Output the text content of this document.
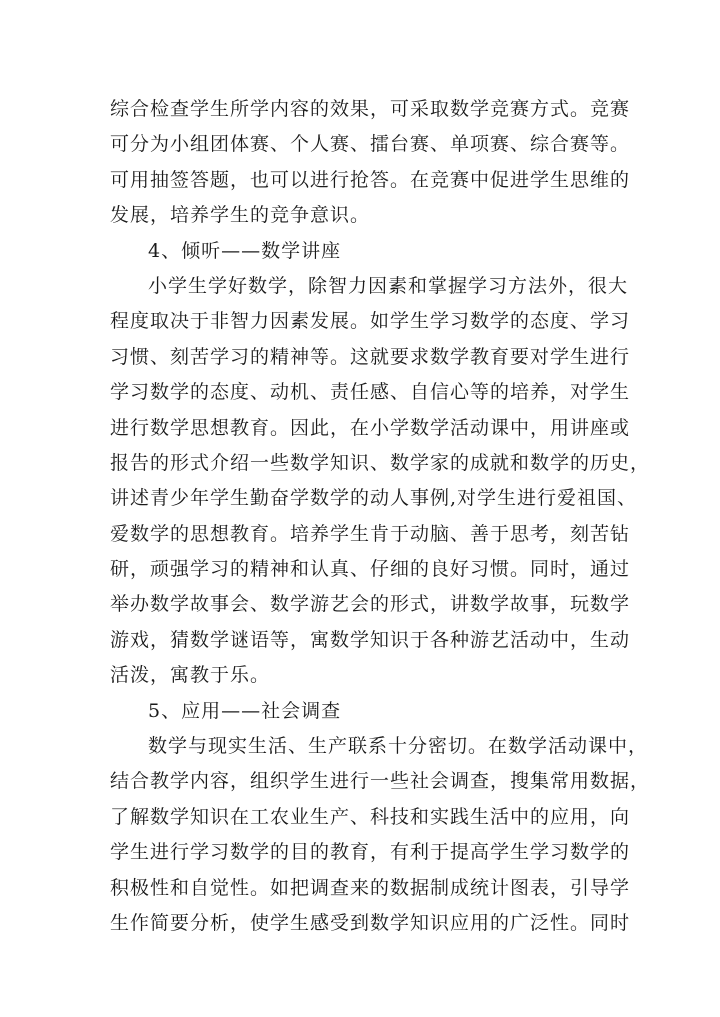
综合检查学生所学内容的效果，可采取数学竞赛方式。竞赛
可分为小组团体赛、个人赛、擂台赛、单项赛、综合赛等。
可用抽签答题，也可以进行抢答。在竞赛中促进学生思维的
发展，培养学生的竞争意识。
4、倾听——数学讲座
小学生学好数学，除智力因素和掌握学习方法外，很大
程度取决于非智力因素发展。如学生学习数学的态度、学习
习惯、刻苦学习的精神等。这就要求数学教育要对学生进行
学习数学的态度、动机、责任感、自信心等的培养，对学生
进行数学思想教育。因此，在小学数学活动课中，用讲座或
报告的形式介绍一些数学知识、数学家的成就和数学的历史，
讲述青少年学生勤奋学数学的动人事例,对学生进行爱祖国、
爱数学的思想教育。培养学生肯于动脑、善于思考，刻苦钻
研，顽强学习的精神和认真、仔细的良好习惯。同时，通过
举办数学故事会、数学游艺会的形式，讲数学故事，玩数学
游戏，猜数学谜语等，寓数学知识于各种游艺活动中，生动
活泼，寓教于乐。
5、应用——社会调查
数学与现实生活、生产联系十分密切。在数学活动课中，
结合教学内容，组织学生进行一些社会调查，搜集常用数据，
了解数学知识在工农业生产、科技和实践生活中的应用，向
学生进行学习数学的目的教育，有利于提高学生学习数学的
积极性和自觉性。如把调查来的数据制成统计图表，引导学
生作简要分析，使学生感受到数学知识应用的广泛性。同时
